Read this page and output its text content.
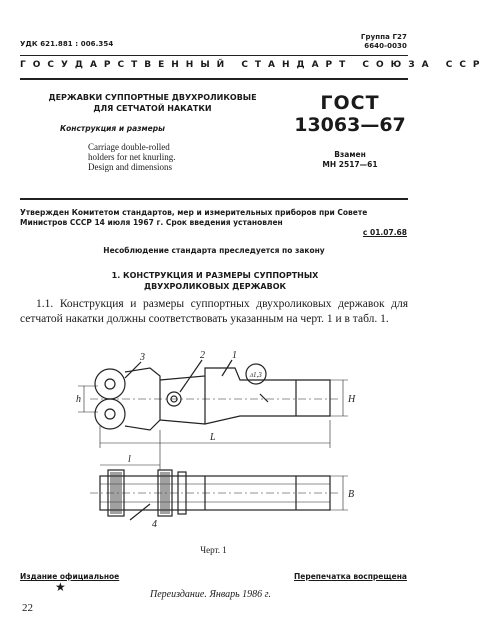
УДК 621.881 : 006.354
Группа Г27
6640-0030
ГОСУДАРСТВЕННЫЙ СТАНДАРТ СОЮЗА ССР
ДЕРЖАВКИ СУППОРТНЫЕ ДВУХРОЛИКОВЫЕ
ДЛЯ СЕТЧАТОЙ НАКАТКИ
Конструкция и размеры
Carriage double-rolled
holders for net knurling.
Design and dimensions
ГОСТ
13063—67
Взамен
МН 2517—61
Утвержден Комитетом стандартов, мер и измерительных приборов при Совете Министров СССР 14 июля 1967 г. Срок введения установлен
с 01.07.68
Несоблюдение стандарта преследуется по закону
1. КОНСТРУКЦИЯ И РАЗМЕРЫ СУППОРТНЫХ
ДВУХРОЛИКОВЫХ ДЕРЖАВОК
1.1. Конструкция и размеры суппортных двухроликовых державок для сетчатой накатки должны соответствовать указанным на черт. 1 и в табл. 1.
1
2
3
4
л1,3
h	H
L
l
B
Черт. 1
Издание официальное
★
Перепечатка воспрещена
Переиздание. Январь 1986 г.
22
